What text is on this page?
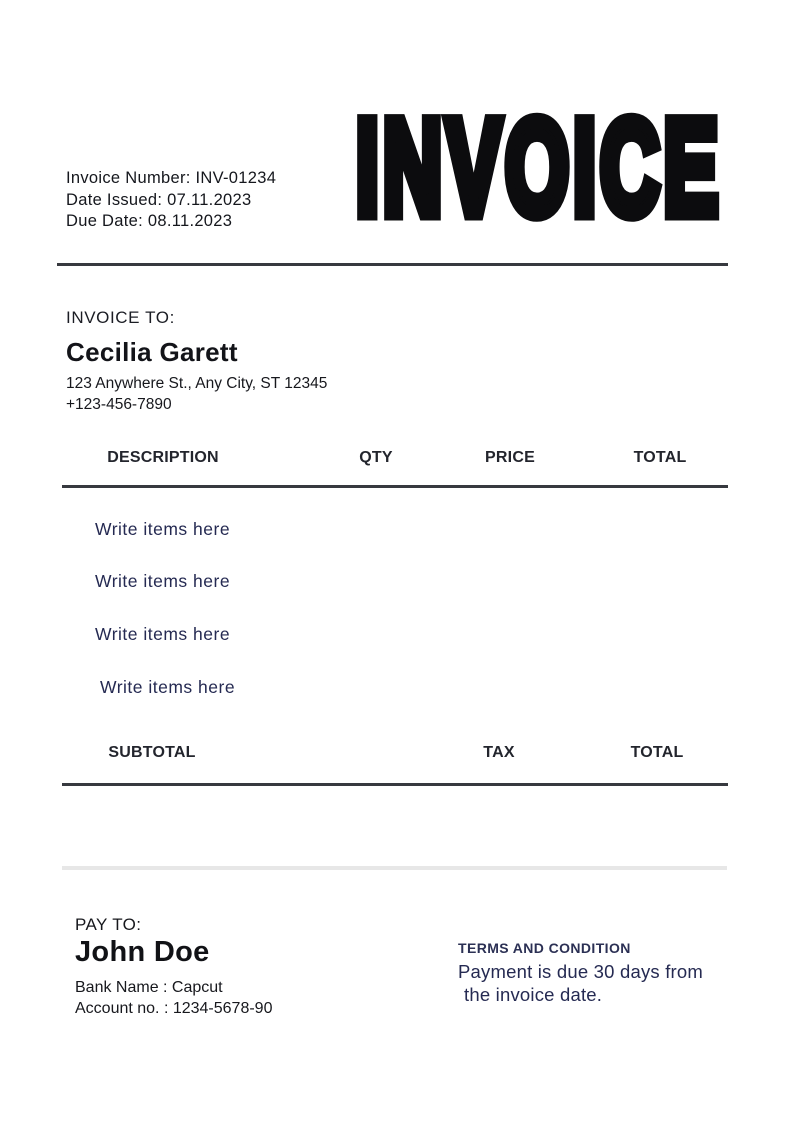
Invoice Number: INV-01234
Date Issued: 07.11.2023
Due Date: 08.11.2023	INVOICE
INVOICE TO:
Cecilia Garett
123 Anywhere St., Any City, ST 12345
+123-456-7890
DESCRIPTION	QTY	PRICE	TOTAL
Write items here
Write items here
Write items here
Write items here
SUBTOTAL	TAX	TOTAL
PAY TO:
John Doe
Bank Name : Capcut
Account no. : 1234-5678-90
TERMS AND CONDITION
Payment is due 30 days from
the invoice date.
